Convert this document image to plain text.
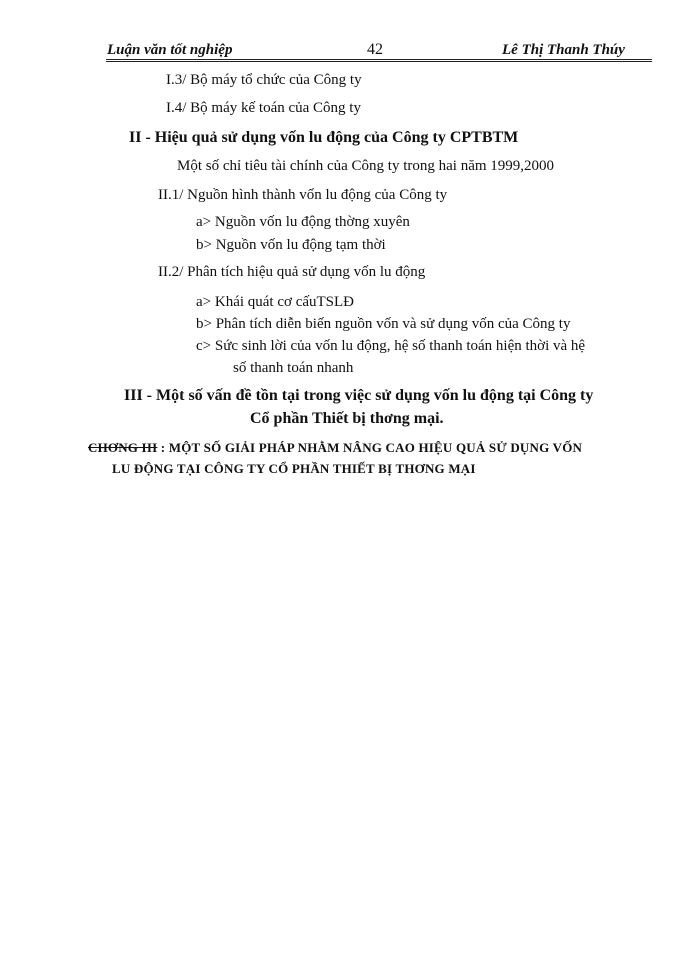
Luận văn tốt nghiệp	42	Lê Thị Thanh Thúy
I.3/ Bộ máy tổ chức của Công ty
I.4/ Bộ máy kế toán của Công ty
II - Hiệu quả sử dụng vốn lu động của Công ty CPTBTM
Một số chỉ tiêu tài chính của Công ty trong hai năm 1999,2000
II.1/ Nguồn hình thành vốn lu động của Công ty
a> Nguồn vốn lu động thờng xuyên
b> Nguồn vốn lu động tạm thời
II.2/ Phân tích hiệu quả sử dụng vốn lu động
a> Khái quát cơ cấuTSLĐ
b> Phân tích diễn biến nguồn vốn và sử dụng vốn của Công ty
c> Sức sinh lời của vốn lu động, hệ số thanh toán hiện thời và hệ
số thanh toán nhanh
III - Một số vấn đề tồn tại trong việc sử dụng vốn lu động tại Công ty
Cổ phần Thiết bị thơng mại.
CHƠNG III : MỘT SỐ GIẢI PHÁP NHẰM NÂNG CAO HIỆU QUẢ SỬ DỤNG VỐN
LU ĐỘNG TẠI CÔNG TY CỔ PHẦN THIẾT BỊ THƠNG MẠI
